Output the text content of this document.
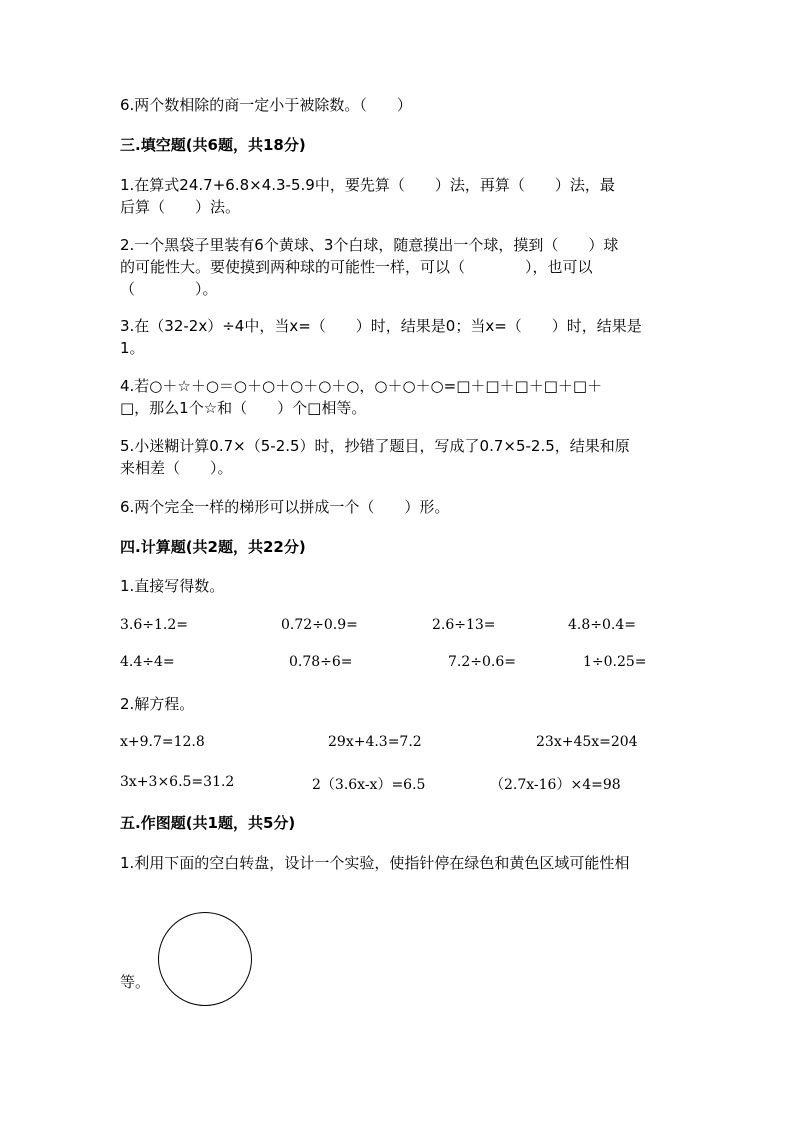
6.两个数相除的商一定小于被除数。（　　）
三.填空题(共6题，共18分)
1.在算式24.7+6.8×4.3-5.9中，要先算（　　）法，再算（　　）法，最
后算（　　）法。
2.一个黑袋子里装有6个黄球、3个白球，随意摸出一个球，摸到（　　）球
的可能性大。要使摸到两种球的可能性一样，可以（　　　　），也可以
（　　　　）。
3.在（32-2x）÷4中，当x=（　　）时，结果是0；当x=（　　）时，结果是
1。
4.若○＋☆＋○＝○＋○＋○＋○＋○，○＋○＋○=□＋□＋□＋□＋□＋
□，那么1个☆和（　　）个□相等。
5.小迷糊计算0.7×（5-2.5）时，抄错了题目，写成了0.7×5-2.5，结果和原
来相差（　　）。
6.两个完全一样的梯形可以拼成一个（　　）形。
四.计算题(共2题，共22分)
1.直接写得数。
3.6÷1.2=	0.72÷0.9=	2.6÷13=	4.8÷0.4=
4.4÷4=	0.78÷6=	7.2÷0.6=	1÷0.25=
2.解方程。
x+9.7=12.8	29x+4.3=7.2	23x+45x=204
3x+3×6.5=31.2	2（3.6x-x）=6.5	（2.7x-16）×4=98
五.作图题(共1题，共5分)
1.利用下面的空白转盘，设计一个实验，使指针停在绿色和黄色区域可能性相
等。
